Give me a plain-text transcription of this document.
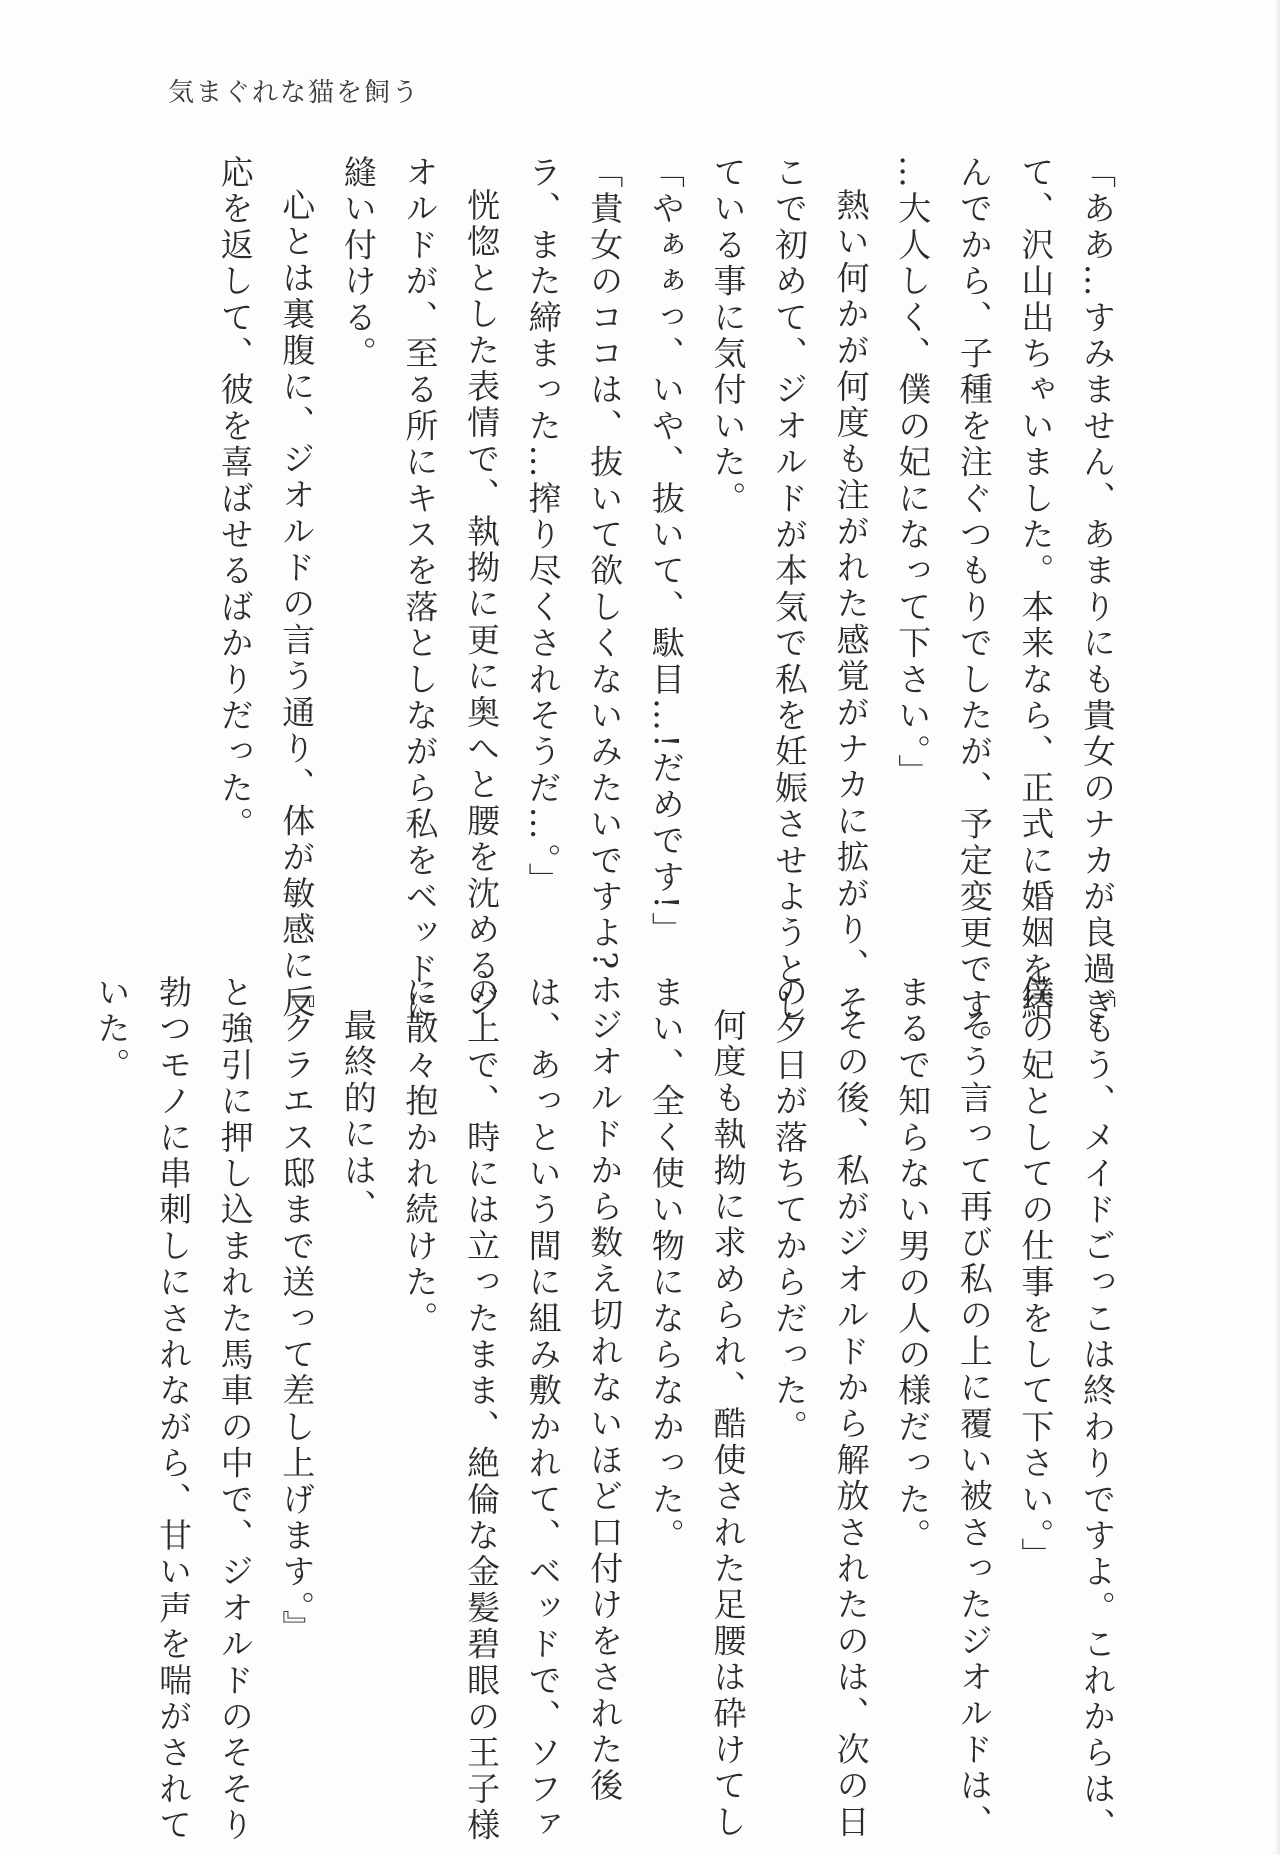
気まぐれな猫を飼う
「ああ…すみません、あまりにも貴女のナカが良過ぎ
て、沢山出ちゃいました。本来なら、正式に婚姻を結
んでから、子種を注ぐつもりでしたが、予定変更です。
…大人しく、僕の妃になって下さい。」
熱い何かが何度も注がれた感覚がナカに拡がり、そ
こで初めて、ジオルドが本気で私を妊娠させようとし
ている事に気付いた。
「やぁぁっ、いや、抜いて、駄目…!だめです!」
「貴女のココは、抜いて欲しくないみたいですよ?ホ
ラ、また締まった…搾り尽くされそうだ…。」
恍惚とした表情で、執拗に更に奥へと腰を沈めるジ
オルドが、至る所にキスを落としながら私をベッドに
縫い付ける。
心とは裏腹に、ジオルドの言う通り、体が敏感に反
応を返して、彼を喜ばせるばかりだった。
「もう、メイドごっこは終わりですよ。これからは、
僕の妃としての仕事をして下さい。」
そう言って再び私の上に覆い被さったジオルドは、
まるで知らない男の人の様だった。
その後、私がジオルドから解放されたのは、次の日
の夕日が落ちてからだった。
何度も執拗に求められ、酷使された足腰は砕けてし
まい、全く使い物にならなかった。
ジオルドから数え切れないほど口付けをされた後
は、あっという間に組み敷かれて、ベッドで、ソファ
の上で、時には立ったまま、絶倫な金髪碧眼の王子様
に散々抱かれ続けた。
最終的には、
『クラエス邸まで送って差し上げます。』
と強引に押し込まれた馬車の中で、ジオルドのそそり
勃つモノに串刺しにされながら、甘い声を喘がされて
いた。
